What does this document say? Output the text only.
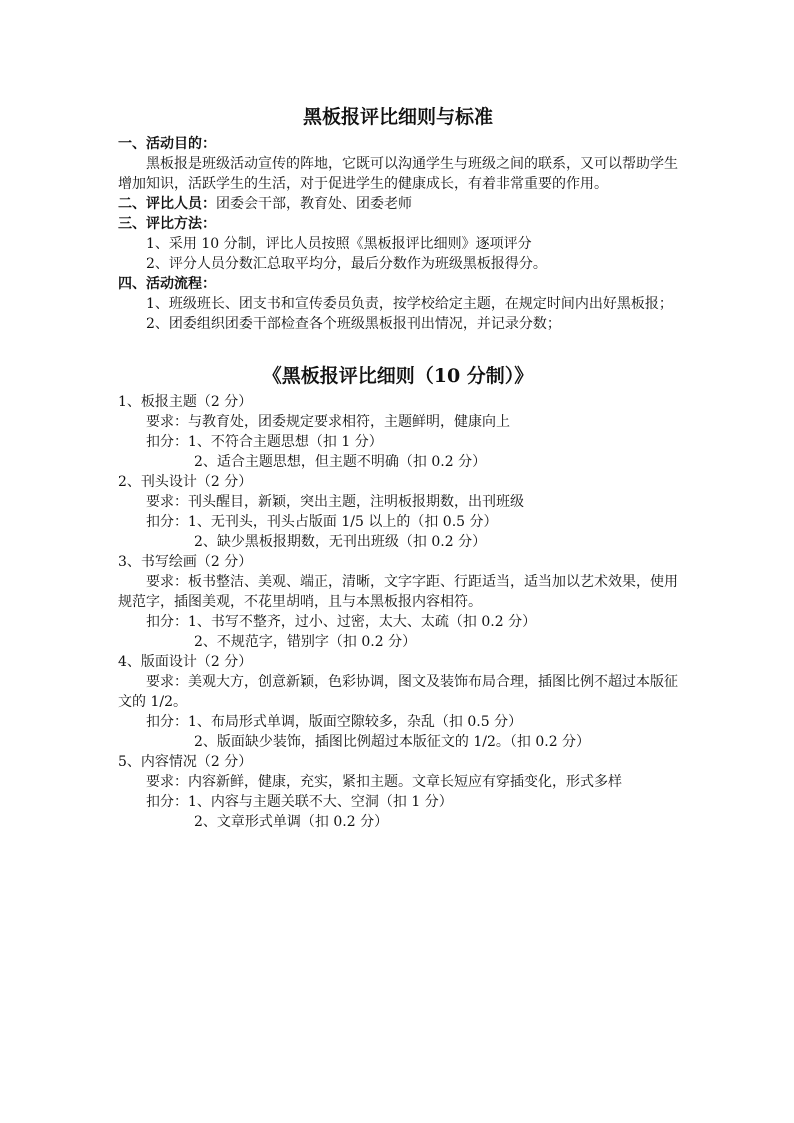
黑板报评比细则与标准
一、活动目的：
黑板报是班级活动宣传的阵地，它既可以沟通学生与班级之间的联系，又可以帮助学生增加知识，活跃学生的生活，对于促进学生的健康成长，有着非常重要的作用。
二、评比人员：团委会干部，教育处、团委老师
三、评比方法：
1、采用 10 分制，评比人员按照《黑板报评比细则》逐项评分
2、评分人员分数汇总取平均分，最后分数作为班级黑板报得分。
四、活动流程：
1、班级班长、团支书和宣传委员负责，按学校给定主题，在规定时间内出好黑板报；
2、团委组织团委干部检查各个班级黑板报刊出情况，并记录分数；
《黑板报评比细则（10 分制）》
1、板报主题（2 分）
要求：与教育处，团委规定要求相符，主题鲜明，健康向上
扣分：1、不符合主题思想（扣 1 分）
2、适合主题思想，但主题不明确（扣 0.2 分）
2、刊头设计（2 分）
要求：刊头醒目，新颖，突出主题，注明板报期数，出刊班级
扣分：1、无刊头，刊头占版面 1/5 以上的（扣 0.5 分）
2、缺少黑板报期数，无刊出班级（扣 0.2 分）
3、书写绘画（2 分）
要求：板书整洁、美观、端正，清晰，文字字距、行距适当，适当加以艺术效果，使用规范字，插图美观，不花里胡哨，且与本黑板报内容相符。
扣分：1、书写不整齐，过小、过密，太大、太疏（扣 0.2 分）
2、不规范字，错别字（扣 0.2 分）
4、版面设计（2 分）
要求：美观大方，创意新颖，色彩协调，图文及装饰布局合理，插图比例不超过本版征文的 1/2。
扣分：1、布局形式单调，版面空隙较多，杂乱（扣 0.5 分）
2、版面缺少装饰，插图比例超过本版征文的 1/2。（扣 0.2 分）
5、内容情况（2 分）
要求：内容新鲜，健康，充实，紧扣主题。文章长短应有穿插变化，形式多样
扣分：1、内容与主题关联不大、空洞（扣 1 分）
2、文章形式单调（扣 0.2 分）
